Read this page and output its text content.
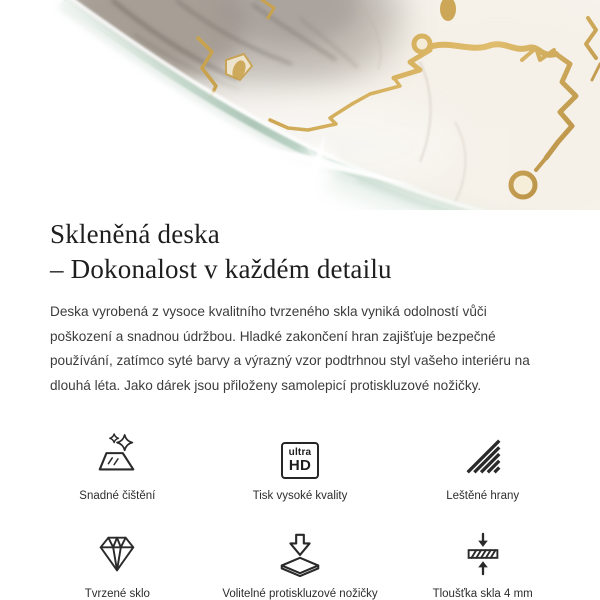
Skleněná deska
– Dokonalost v každém detailu

Deska vyrobená z vysoce kvalitního tvrzeného skla vyniká odolností vůči poškození a snadnou údržbou. Hladké zakončení hran zajišťuje bezpečné používání, zatímco syté barvy a výrazný vzor podtrhnou styl vašeho interiéru na dlouhá léta. Jako dárek jsou přiloženy samolepicí protiskluzové nožičky.

Snadné čištění
ultra
HD
Tisk vysoké kvality	Leštěné hrany
Tvrzené sklo	Volitelné protiskluzové nožičky	Tloušťka skla 4 mm
